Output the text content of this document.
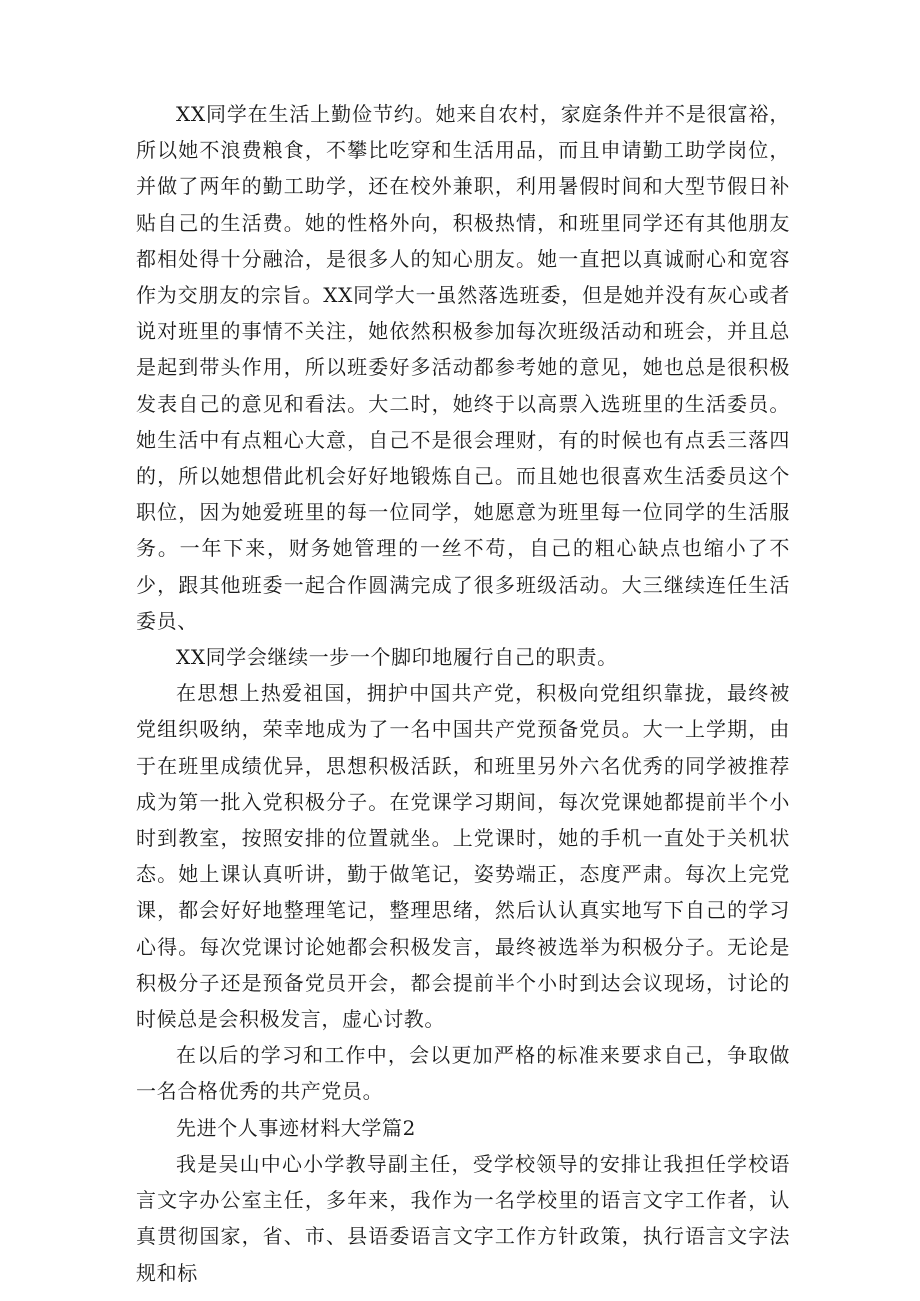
XX同学在生活上勤俭节约。她来自农村，家庭条件并不是很富裕，所以她不浪费粮食，不攀比吃穿和生活用品，而且申请勤工助学岗位，并做了两年的勤工助学，还在校外兼职，利用暑假时间和大型节假日补贴自己的生活费。她的性格外向，积极热情，和班里同学还有其他朋友都相处得十分融洽，是很多人的知心朋友。她一直把以真诚耐心和宽容作为交朋友的宗旨。XX同学大一虽然落选班委，但是她并没有灰心或者说对班里的事情不关注，她依然积极参加每次班级活动和班会，并且总是起到带头作用，所以班委好多活动都参考她的意见，她也总是很积极发表自己的意见和看法。大二时，她终于以高票入选班里的生活委员。她生活中有点粗心大意，自己不是很会理财，有的时候也有点丢三落四的，所以她想借此机会好好地锻炼自己。而且她也很喜欢生活委员这个职位，因为她爱班里的每一位同学，她愿意为班里每一位同学的生活服务。一年下来，财务她管理的一丝不苟，自己的粗心缺点也缩小了不少，跟其他班委一起合作圆满完成了很多班级活动。大三继续连任生活委员、

XX同学会继续一步一个脚印地履行自己的职责。

在思想上热爱祖国，拥护中国共产党，积极向党组织靠拢，最终被党组织吸纳，荣幸地成为了一名中国共产党预备党员。大一上学期，由于在班里成绩优异，思想积极活跃，和班里另外六名优秀的同学被推荐成为第一批入党积极分子。在党课学习期间，每次党课她都提前半个小时到教室，按照安排的位置就坐。上党课时，她的手机一直处于关机状态。她上课认真听讲，勤于做笔记，姿势端正，态度严肃。每次上完党课，都会好好地整理笔记，整理思绪，然后认认真实地写下自己的学习心得。每次党课讨论她都会积极发言，最终被选举为积极分子。无论是积极分子还是预备党员开会，都会提前半个小时到达会议现场，讨论的时候总是会积极发言，虚心讨教。

在以后的学习和工作中，会以更加严格的标准来要求自己，争取做一名合格优秀的共产党员。

先进个人事迹材料大学篇2

我是吴山中心小学教导副主任，受学校领导的安排让我担任学校语言文字办公室主任，多年来，我作为一名学校里的语言文字工作者，认真贯彻国家，省、市、县语委语言文字工作方针政策，执行语言文字法规和标
